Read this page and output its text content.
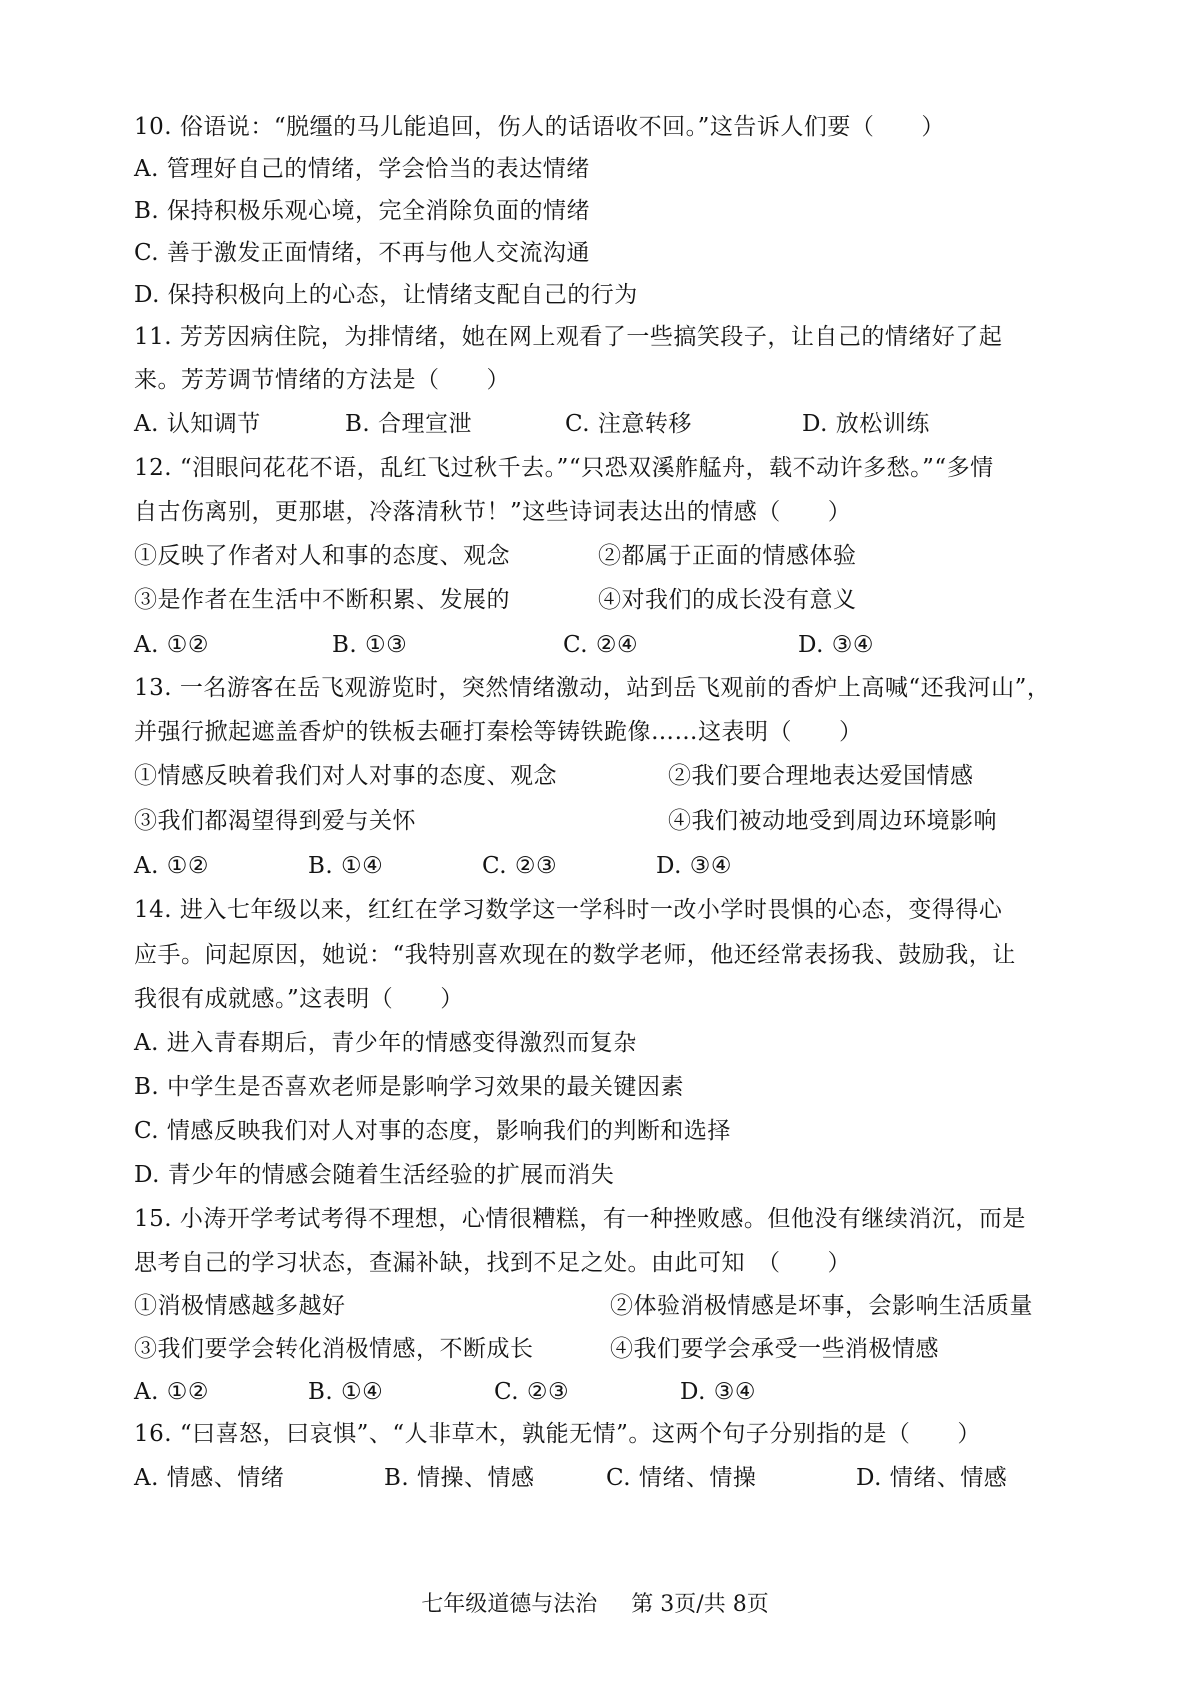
10. 俗语说：“脱缰的马儿能追回，伤人的话语收不回。”这告诉人们要（　　）
A. 管理好自己的情绪，学会恰当的表达情绪
B. 保持积极乐观心境，完全消除负面的情绪
C. 善于激发正面情绪，不再与他人交流沟通
D. 保持积极向上的心态，让情绪支配自己的行为
11. 芳芳因病住院，为排情绪，她在网上观看了一些搞笑段子，让自己的情绪好了起
来。芳芳调节情绪的方法是（　　）
A. 认知调节	B. 合理宣泄	C. 注意转移	D. 放松训练
12. “泪眼问花花不语，乱红飞过秋千去。”“只恐双溪舴艋舟，载不动许多愁。”“多情
自古伤离别，更那堪，冷落清秋节！”这些诗词表达出的情感（　　）
①反映了作者对人和事的态度、观念	②都属于正面的情感体验
③是作者在生活中不断积累、发展的	④对我们的成长没有意义
A. ①②	B. ①③	C. ②④	D. ③④
13. 一名游客在岳飞观游览时，突然情绪激动，站到岳飞观前的香炉上高喊“还我河山”，
并强行掀起遮盖香炉的铁板去砸打秦桧等铸铁跪像……这表明（　　）
①情感反映着我们对人对事的态度、观念	②我们要合理地表达爱国情感
③我们都渴望得到爱与关怀	④我们被动地受到周边环境影响
A. ①②	B. ①④	C. ②③	D. ③④
14. 进入七年级以来，红红在学习数学这一学科时一改小学时畏惧的心态，变得得心
应手。问起原因，她说：“我特别喜欢现在的数学老师，他还经常表扬我、鼓励我，让
我很有成就感。”这表明（　　）
A. 进入青春期后，青少年的情感变得激烈而复杂
B. 中学生是否喜欢老师是影响学习效果的最关键因素
C. 情感反映我们对人对事的态度，影响我们的判断和选择
D. 青少年的情感会随着生活经验的扩展而消失
15. 小涛开学考试考得不理想，心情很糟糕，有一种挫败感。但他没有继续消沉，而是
思考自己的学习状态，查漏补缺，找到不足之处。由此可知　（　　）
①消极情感越多越好	②体验消极情感是坏事，会影响生活质量
③我们要学会转化消极情感，不断成长	④我们要学会承受一些消极情感
A. ①②	B. ①④	C. ②③	D. ③④
16. “曰喜怒，曰哀惧”、“人非草木，孰能无情”。这两个句子分别指的是（　　）
A. 情感、情绪	B. 情操、情感	C. 情绪、情操	D. 情绪、情感
七年级道德与法治 第 3页/共 8页
